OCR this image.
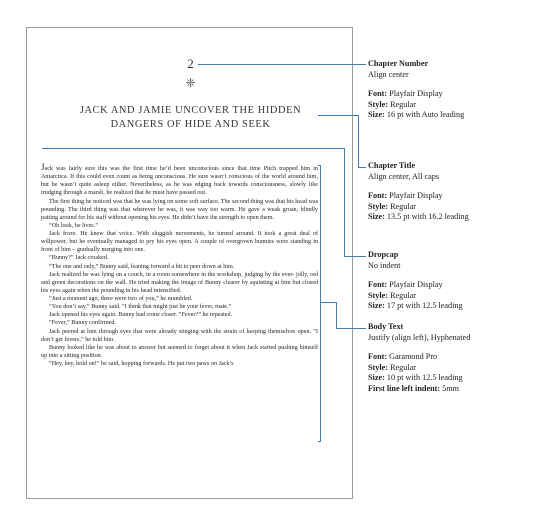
2
❈
JACK AND JAMIE UNCOVER THE HIDDEN
DANGERS OF HIDE AND SEEK

Jack was fairly sure this was the first time he’d been unconscious since that time Pitch trapped him in Antarctica. If this could even count as being unconscious. He sure wasn’t conscious of the world around him, but he wasn’t quite asleep either. Nevertheless, as he was edging back towards consciousness, slowly like trudging through a marsh, he realized that he must have passed out.

The first thing he noticed was that he was lying on some soft surface. The second thing was that his head was pounding. The third thing was that wherever he was, it was way too warm. He gave a weak groan, blindly patting around for his staff without opening his eyes. He didn’t have the strength to open them.

“Oh look, he lives.”

Jack froze. He knew that voice. With sluggish movements, he turned around. It took a great deal of willpower, but he eventually managed to pry his eyes open. A couple of overgrown bunnies were standing in front of him – gradually merging into one.

“Bunny?” Jack croaked.

“The one and only,” Bunny said, leaning forward a bit to peer down at him.

Jack realized he was lying on a couch, in a room somewhere in the workshop, judging by the ever- jolly, red and green decorations on the wall. He tried making the image of Bunny clearer by squinting at him but closed his eyes again when the pounding in his head intensified.

“Just a moment ago, there were two of you,” he mumbled.

“You don’t say,” Bunny said. “I think that might just be your fever, mate.”

Jack opened his eyes again. Bunny had come closer. “Fever?” he repeated.

“Fever,” Bunny confirmed.

Jack peered at him through eyes that were already stinging with the strain of keeping themselves open. “I don’t get fevers,” he told him.

Bunny looked like he was about to answer but seemed to forget about it when Jack started pushing himself up into a sitting position.

“Hey, hey, hold on!” he said, hopping forwards. He put two paws on Jack’s

Chapter Number
Align center
Font: Playfair Display
Style: Regular
Size: 16 pt with Auto leading
Chapter Title
Align center, All caps
Font: Playfair Display
Style: Regular
Size: 13.5 pt with 16.2 leading
Dropcap
No indent
Font: Playfair Display
Style: Regular
Size: 17 pt with 12.5 leading
Body Text
Justify (align left), Hyphenated
Font: Garamond Pro
Style: Regular
Size: 10 pt with 12.5 leading
First line left indent: 5mm
